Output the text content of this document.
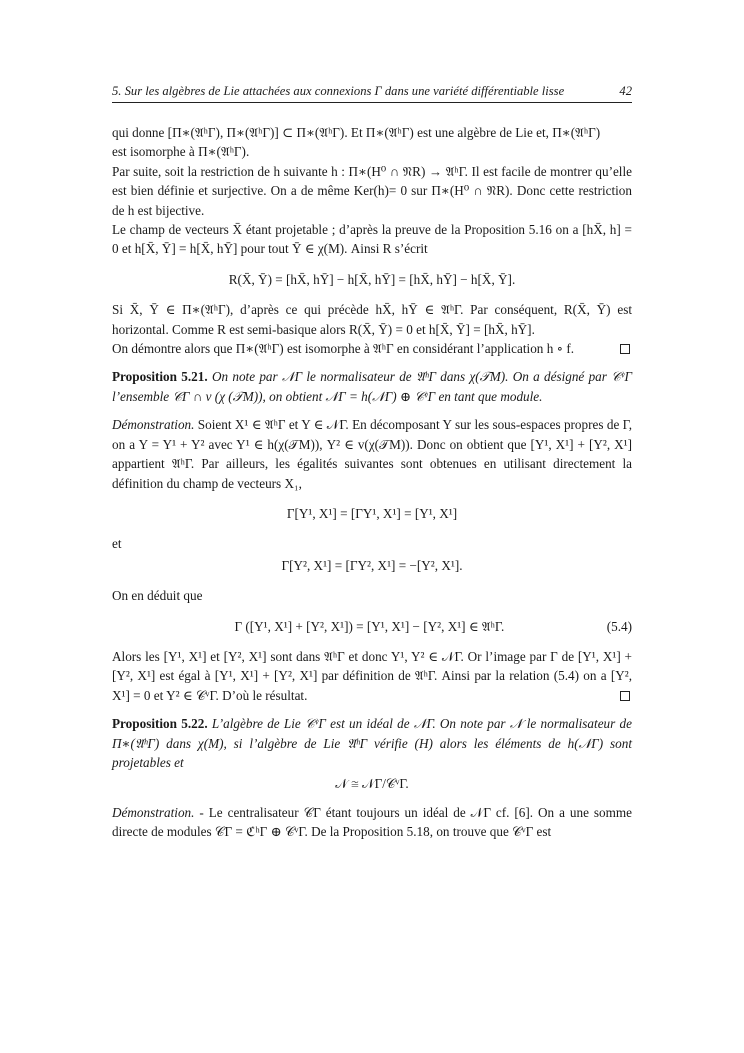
5. Sur les algèbres de Lie attachées aux connexions Γ dans une variété différentiable lisse	42

qui donne [Π∗(𝔄ʰΓ), Π∗(𝔄ʰΓ)] ⊂ Π∗(𝔄ʰΓ). Et Π∗(𝔄ʰΓ) est une algèbre de Lie et, Π∗(𝔄ʰΓ)
est isomorphe à Π∗(𝔄ʰΓ).

Par suite, soit la restriction de h suivante h : Π∗(H⁰ ∩ 𝔑R) → 𝔄ʰΓ. Il est facile de montrer qu’elle est bien définie et surjective. On a de même Ker(h)= 0 sur Π∗(H⁰ ∩ 𝔑R). Donc cette restriction de h est bijective.

Le champ de vecteurs X̄ étant projetable ; d’après la preuve de la Proposition 5.16 on a [hX̄, h] = 0 et h[X̄, Ȳ] = h[X̄, hȲ] pour tout Ȳ ∈ χ(M). Ainsi R s’écrit

R(X̄, Ȳ) = [hX̄, hȲ] − h[X̄, hȲ] = [hX̄, hȲ] − h[X̄, Ȳ].

Si X̄, Ȳ ∈ Π∗(𝔄ʰΓ), d’après ce qui précède hX̄, hȲ ∈ 𝔄ʰΓ. Par conséquent, R(X̄, Ȳ) est horizontal. Comme R est semi-basique alors R(X̄, Ȳ) = 0 et h[X̄, Ȳ] = [hX̄, hȲ].

On démontre alors que Π∗(𝔄ʰΓ) est isomorphe à 𝔄ʰΓ en considérant l’application h ∘ f.

Proposition 5.21. On note par 𝒩Γ le normalisateur de 𝔄ʰΓ dans χ(𝒯M). On a désigné par 𝒞ᵛΓ l’ensemble 𝒞Γ ∩ v (χ (𝒯M)), on obtient 𝒩Γ = h(𝒩Γ) ⊕ 𝒞ᵛΓ en tant que module.

Démonstration. Soient X¹ ∈ 𝔄ʰΓ et Y ∈ 𝒩Γ. En décomposant Y sur les sous-espaces propres de Γ, on a Y = Y¹ + Y² avec Y¹ ∈ h(χ(𝒯M)), Y² ∈ v(χ(𝒯M)). Donc on obtient que [Y¹, X¹] + [Y², X¹] appartient 𝔄ʰΓ. Par ailleurs, les égalités suivantes sont obtenues en utilisant directement la définition du champ de vecteurs X₁,

Γ[Y¹, X¹] = [ΓY¹, X¹] = [Y¹, X¹]

et

Γ[Y², X¹] = [ΓY², X¹] = −[Y², X¹].

On en déduit que

Γ ([Y¹, X¹] + [Y², X¹]) = [Y¹, X¹] − [Y², X¹] ∈ 𝔄ʰΓ.	(5.4)

Alors les [Y¹, X¹] et [Y², X¹] sont dans 𝔄ʰΓ et donc Y¹, Y² ∈ 𝒩Γ. Or l’image par Γ de [Y¹, X¹] + [Y², X¹] est égal à [Y¹, X¹] + [Y², X¹] par définition de 𝔄ʰΓ. Ainsi par la relation (5.4) on a [Y², X¹] = 0 et Y² ∈ 𝒞ᵛΓ. D’où le résultat.

Proposition 5.22. L’algèbre de Lie 𝒞ᵛΓ est un idéal de 𝒩Γ. On note par 𝒩 le normalisateur de Π∗(𝔄ʰΓ) dans χ(M), si l’algèbre de Lie 𝔄ʰΓ vérifie (H) alors les éléments de h(𝒩Γ) sont projetables et

𝒩 ≅ 𝒩Γ/𝒞ᵛΓ.

Démonstration. - Le centralisateur 𝒞Γ étant toujours un idéal de 𝒩Γ cf. [6]. On a une somme directe de modules 𝒞Γ = ℭʰΓ ⊕ 𝒞ᵛΓ. De la Proposition 5.18, on trouve que 𝒞ᵛΓ est
